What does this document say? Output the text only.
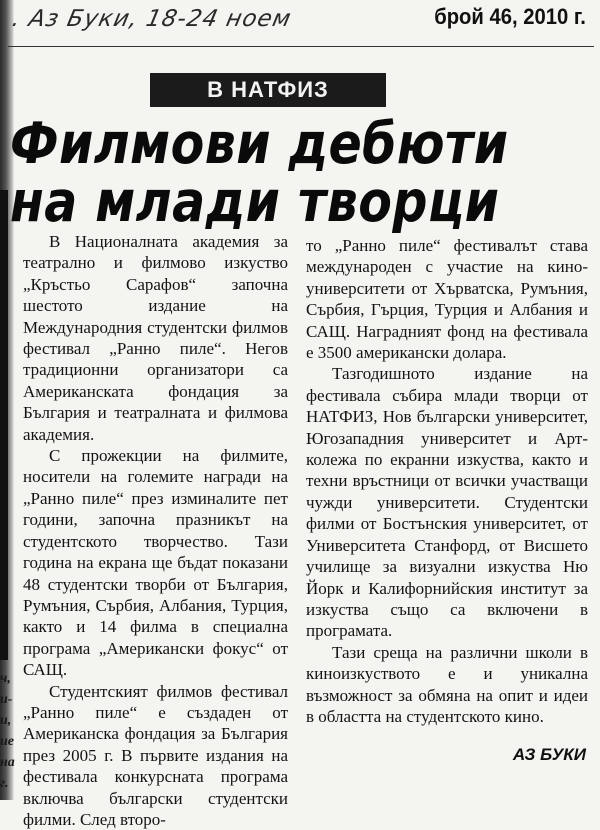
ч,
и-
и,
ие
на
г.
. Аз Буки, 18-24 ноем	брой 46, 2010 г.
В НАТФИЗ
Филмови дебюти
на млади творци

В Националната академия за театрално и филмово изкуство „Кръстьо Сарафов“ започна шестото издание на Международния студентски филмов фестивал „Ранно пиле“. Негов традиционни организатори са Американската фондация за България и театралната и филмова академия.

С прожекции на филмите, носители на големите награди на „Ранно пиле“ през изминалите пет години, започна празникът на студентското творчество. Тази година на екрана ще бъдат показани 48 студентски творби от България, Румъния, Сърбия, Албания, Турция, както и 14 филма в специална програма „Американски фокус“ от САЩ.

Студентският филмов фестивал „Ранно пиле“ е създаден от Американска фондация за България през 2005 г. В първите издания на фестивала конкурсната програма включва български студентски филми. След второ-

то „Ранно пиле“ фестивалът става международен с участие на кино-университети от Хърватска, Румъния, Сърбия, Гърция, Турция и Албания и САЩ. Наградният фонд на фестивала е 3500 американски долара.

Тазгодишното издание на фестивала събира млади творци от НАТФИЗ, Нов български университет, Югозападния университет и Арт-колежа по екранни изкуства, както и техни връстници от всички участващи чужди университети. Студентски филми от Бостънския университет, от Университета Станфорд, от Висшето училище за визуални изкуства Ню Йорк и Калифорнийския институт за изкуства също са включени в програмата.

Тази среща на различни школи в киноизкуството е и уникална възможност за обмяна на опит и идеи в областта на студентското кино.

АЗ БУКИ
